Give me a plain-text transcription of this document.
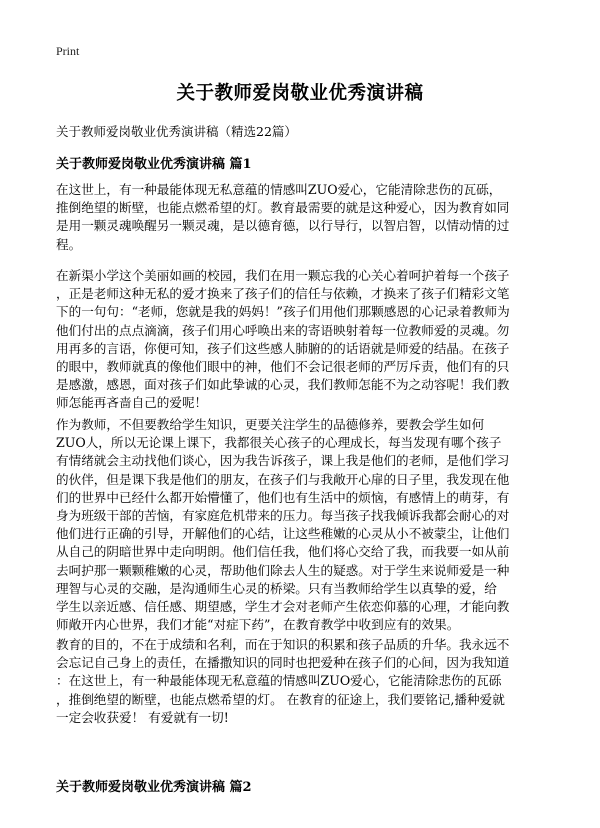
Print

关于教师爱岗敬业优秀演讲稿

关于教师爱岗敬业优秀演讲稿（精选22篇）

关于教师爱岗敬业优秀演讲稿 篇1

在这世上，有一种最能体现无私意蕴的情感叫ZUO爱心，它能清除悲伤的瓦砾，
推倒绝望的断壁，也能点燃希望的灯。教育最需要的就是这种爱心，因为教育如同
是用一颗灵魂唤醒另一颗灵魂，是以德育德，以行导行，以智启智，以情动情的过
程。

在新渠小学这个美丽如画的校园，我们在用一颗忘我的心关心着呵护着每一个孩子
，正是老师这种无私的爱才换来了孩子们的信任与依赖，才换来了孩子们精彩文笔
下的一句句：“老师，您就是我的妈妈！”孩子们用他们那颗感恩的心记录着教师为
他们付出的点点滴滴，孩子们用心呼唤出来的寄语映射着每一位教师爱的灵魂。勿
用再多的言语，你便可知，孩子们这些感人肺腑的的话语就是师爱的结晶。在孩子
的眼中，教师就真的像他们眼中的神，他们不会记很老师的严厉斥责，他们有的只
是感激，感恩，面对孩子们如此挚诚的心灵，我们教师怎能不为之动容呢！我们教
师怎能再吝啬自己的爱呢！

作为教师，不但要教给学生知识，更要关注学生的品德修养，要教会学生如何
ZUO人，所以无论课上课下，我都很关心孩子的心理成长，每当发现有哪个孩子
有情绪就会主动找他们谈心，因为我告诉孩子，课上我是他们的老师，是他们学习
的伙伴，但是课下我是他们的朋友，在孩子们与我敞开心扉的日子里，我发现在他
们的世界中已经什么都开始懵懂了，他们也有生活中的烦恼，有感情上的萌芽，有
身为班级干部的苦恼，有家庭危机带来的压力。每当孩子找我倾诉我都会耐心的对
他们进行正确的引导，开解他们的心结，让这些稚嫩的心灵从小不被蒙尘，让他们
从自己的阴暗世界中走向明朗。他们信任我，他们将心交给了我，而我要一如从前
去呵护那一颗颗稚嫩的心灵，帮助他们除去人生的疑惑。对于学生来说师爱是一种
理智与心灵的交融，是沟通师生心灵的桥梁。只有当教师给学生以真挚的爱，给
学生以亲近感、信任感、期望感，学生才会对老师产生依恋仰慕的心理，才能向教
师敞开内心世界，我们才能“对症下药”，在教育教学中收到应有的效果。

教育的目的，不在于成绩和名利，而在于知识的积累和孩子品质的升华。我永远不
会忘记自己身上的责任，在播撒知识的同时也把爱种在孩子们的心间，因为我知道
：在这世上，有一种最能体现无私意蕴的情感叫ZUO爱心，它能清除悲伤的瓦砾
，推倒绝望的断壁，也能点燃希望的灯。 在教育的征途上，我们要铭记,播种爱就
一定会收获爱！ 有爱就有一切!

关于教师爱岗敬业优秀演讲稿 篇2
